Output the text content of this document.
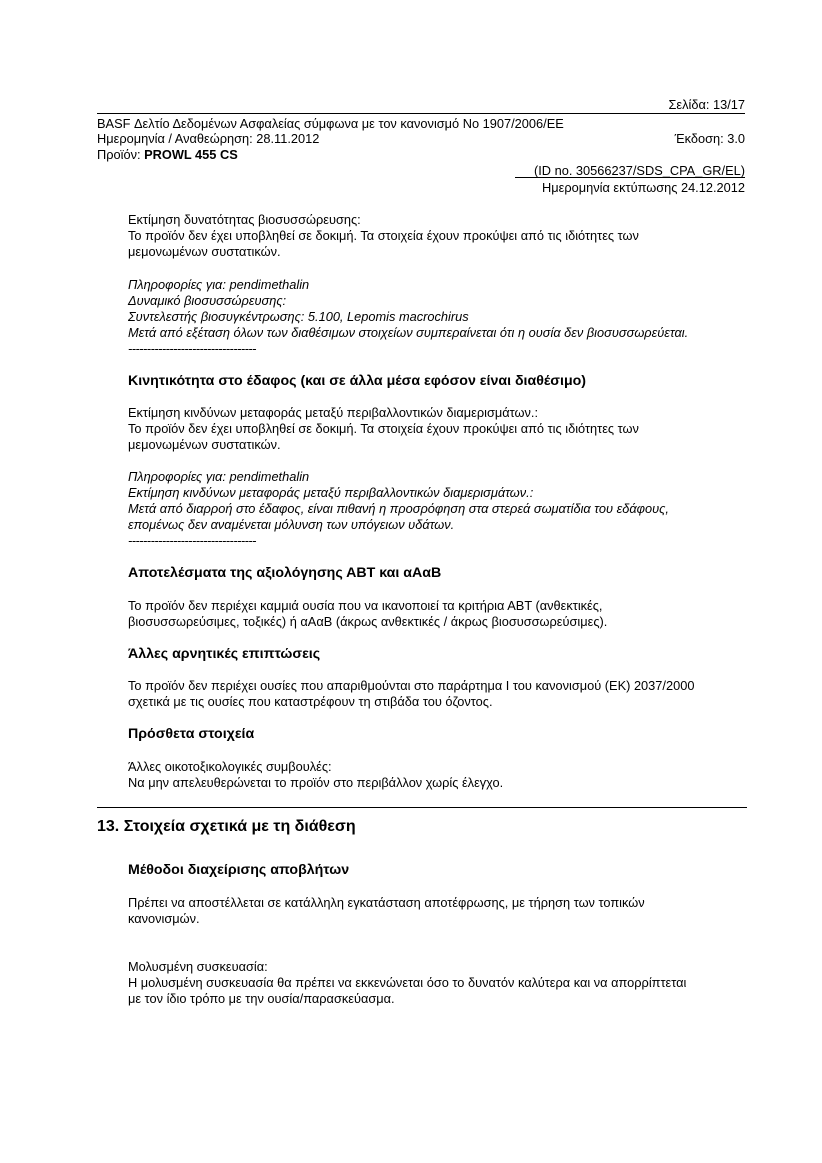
Σελίδα: 13/17
BASF Δελτίο Δεδομένων Ασφαλείας σύμφωνα με τον κανονισμό Νο 1907/2006/ΕΕ
Ημερομηνία / Αναθεώρηση: 28.11.2012	Έκδοση: 3.0
Προϊόν: PROWL 455 CS
(ID no. 30566237/SDS_CPA_GR/EL)
Ημερομηνία εκτύπωσης 24.12.2012
Εκτίμηση δυνατότητας βιοσυσσώρευσης:
Το προϊόν δεν έχει υποβληθεί σε δοκιμή. Τα στοιχεία έχουν προκύψει από τις ιδιότητες των
μεμονωμένων συστατικών.
Πληροφορίες για: pendimethalin
Δυναμικό βιοσυσσώρευσης:
Συντελεστής βιοσυγκέντρωσης: 5.100, Lepomis macrochirus
Μετά από εξέταση όλων των διαθέσιμων στοιχείων συμπεραίνεται ότι η ουσία δεν βιοσυσσωρεύεται.
----------------------------------
Κινητικότητα στο έδαφος (και σε άλλα μέσα εφόσον είναι διαθέσιμο)
Εκτίμηση κινδύνων μεταφοράς μεταξύ περιβαλλοντικών διαμερισμάτων.:
Το προϊόν δεν έχει υποβληθεί σε δοκιμή. Τα στοιχεία έχουν προκύψει από τις ιδιότητες των
μεμονωμένων συστατικών.
Πληροφορίες για: pendimethalin
Εκτίμηση κινδύνων μεταφοράς μεταξύ περιβαλλοντικών διαμερισμάτων.:
Μετά από διαρροή στο έδαφος, είναι πιθανή η προσρόφηση στα στερεά σωματίδια του εδάφους,
επομένως δεν αναμένεται μόλυνση των υπόγειων υδάτων.
----------------------------------
Αποτελέσματα της αξιολόγησης ΑΒΤ και αΑαΒ
Το προϊόν δεν περιέχει καμμιά ουσία που να ικανοποιεί τα κριτήρια ΑΒΤ (ανθεκτικές,
βιοσυσσωρεύσιμες, τοξικές) ή αΑαΒ (άκρως ανθεκτικές / άκρως βιοσυσσωρεύσιμες).
Άλλες αρνητικές επιπτώσεις
Το προϊόν δεν περιέχει ουσίες που απαριθμούνται στο παράρτημα I του κανονισμού (ΕΚ) 2037/2000
σχετικά με τις ουσίες που καταστρέφουν τη στιβάδα του όζοντος.
Πρόσθετα στοιχεία
Άλλες οικοτοξικολογικές συμβουλές:
Να μην απελευθερώνεται το προϊόν στο περιβάλλον χωρίς έλεγχο.
13. Στοιχεία σχετικά με τη διάθεση
Μέθοδοι διαχείρισης αποβλήτων
Πρέπει να αποστέλλεται σε κατάλληλη εγκατάσταση αποτέφρωσης, με τήρηση των τοπικών
κανονισμών.
Μολυσμένη συσκευασία:
Η μολυσμένη συσκευασία θα πρέπει να εκκενώνεται όσο το δυνατόν καλύτερα και να απορρίπτεται
με τον ίδιο τρόπο με την ουσία/παρασκεύασμα.
